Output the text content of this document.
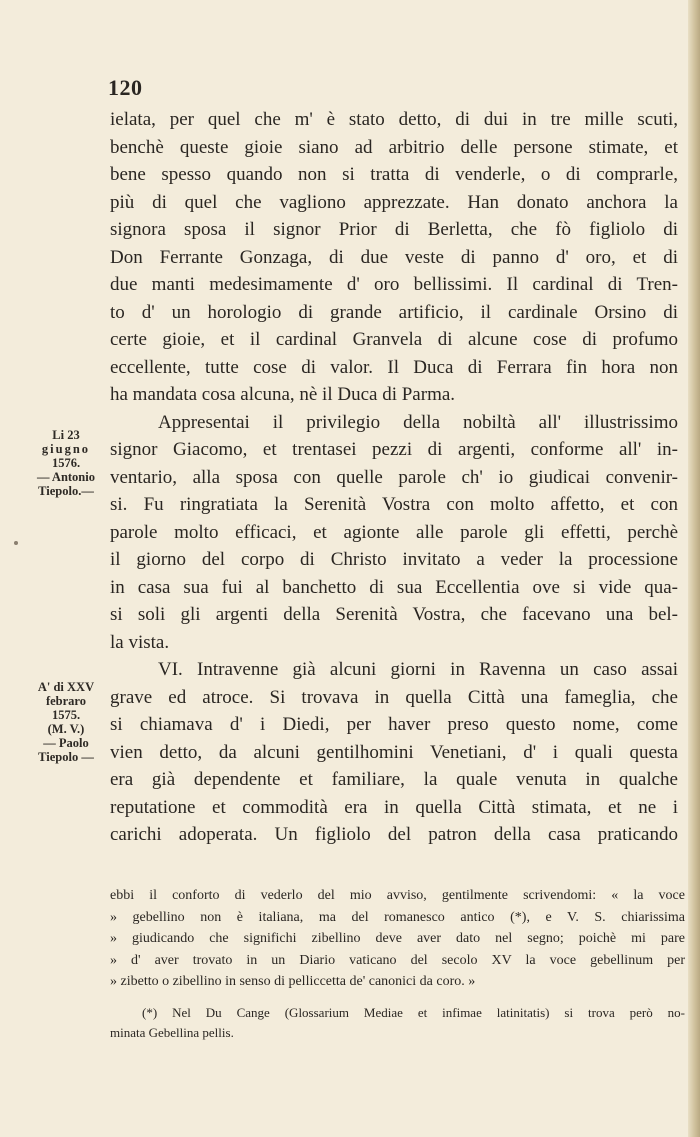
120
Li 23
giugno
1576.
— Antonio
Tiepolo.—
A' di XXV
febraro
1575.
(M. V.)
— Paolo
Tiepolo —
ielata, per quel che m' è stato detto, di dui in tre mille scuti,
benchè queste gioie siano ad arbitrio delle persone stimate, et
bene spesso quando non si tratta di venderle, o di comprarle,
più di quel che vagliono apprezzate. Han donato anchora la
signora sposa il signor Prior di Berletta, che fò figliolo di
Don Ferrante Gonzaga, di due veste di panno d' oro, et di
due manti medesimamente d' oro bellissimi. Il cardinal di Tren-
to d' un horologio di grande artificio, il cardinale Orsino di
certe gioie, et il cardinal Granvela di alcune cose di profumo
eccellente, tutte cose di valor. Il Duca di Ferrara fin hora non
ha mandata cosa alcuna, nè il Duca di Parma.
Appresentai il privilegio della nobiltà all' illustrissimo
signor Giacomo, et trentasei pezzi di argenti, conforme all' in-
ventario, alla sposa con quelle parole ch' io giudicai convenir-
si. Fu ringratiata la Serenità Vostra con molto affetto, et con
parole molto efficaci, et agionte alle parole gli effetti, perchè
il giorno del corpo di Christo invitato a veder la processione
in casa sua fui al banchetto di sua Eccellentia ove si vide qua-
si soli gli argenti della Serenità Vostra, che facevano una bel-
la vista.
VI. Intravenne già alcuni giorni in Ravenna un caso assai
grave ed atroce. Si trovava in quella Città una fameglia, che
si chiamava d' i Diedi, per haver preso questo nome, come
vien detto, da alcuni gentilhomini Venetiani, d' i quali questa
era già dependente et familiare, la quale venuta in qualche
reputatione et commodità era in quella Città stimata, et ne i
carichi adoperata. Un figliolo del patron della casa praticando
ebbi il conforto di vederlo del mio avviso, gentilmente scrivendomi: « la voce
» gebellino non è italiana, ma del romanesco antico (*), e V. S. chiarissima
» giudicando che significhi zibellino deve aver dato nel segno; poichè mi pare
» d' aver trovato in un Diario vaticano del secolo XV la voce gebellinum per
» zibetto o zibellino in senso di pelliccetta de' canonici da coro. »
(*) Nel Du Cange (Glossarium Mediae et infimae latinitatis) si trova però no-
minata Gebellina pellis.
